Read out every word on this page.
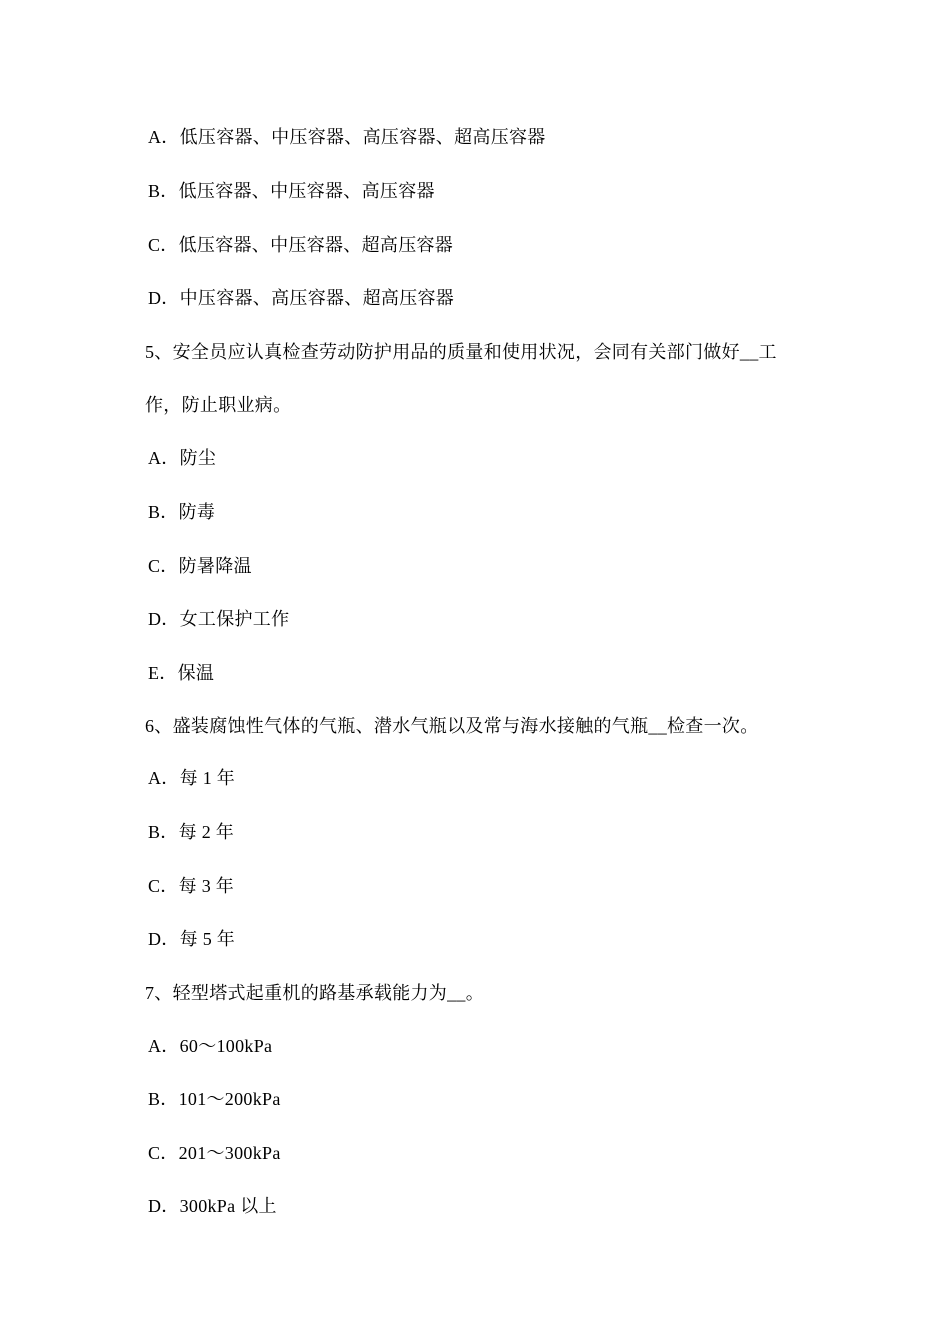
A．低压容器、中压容器、高压容器、超高压容器
B．低压容器、中压容器、高压容器
C．低压容器、中压容器、超高压容器
D．中压容器、高压容器、超高压容器
5、安全员应认真检查劳动防护用品的质量和使用状况，会同有关部门做好__工
作，防止职业病。
A．防尘
B．防毒
C．防暑降温
D．女工保护工作
E．保温
6、盛装腐蚀性气体的气瓶、潜水气瓶以及常与海水接触的气瓶__检查一次。
A．每 1 年
B．每 2 年
C．每 3 年
D．每 5 年
7、轻型塔式起重机的路基承载能力为__。
A．60～100kPa
B．101～200kPa
C．201～300kPa
D．300kPa 以上
